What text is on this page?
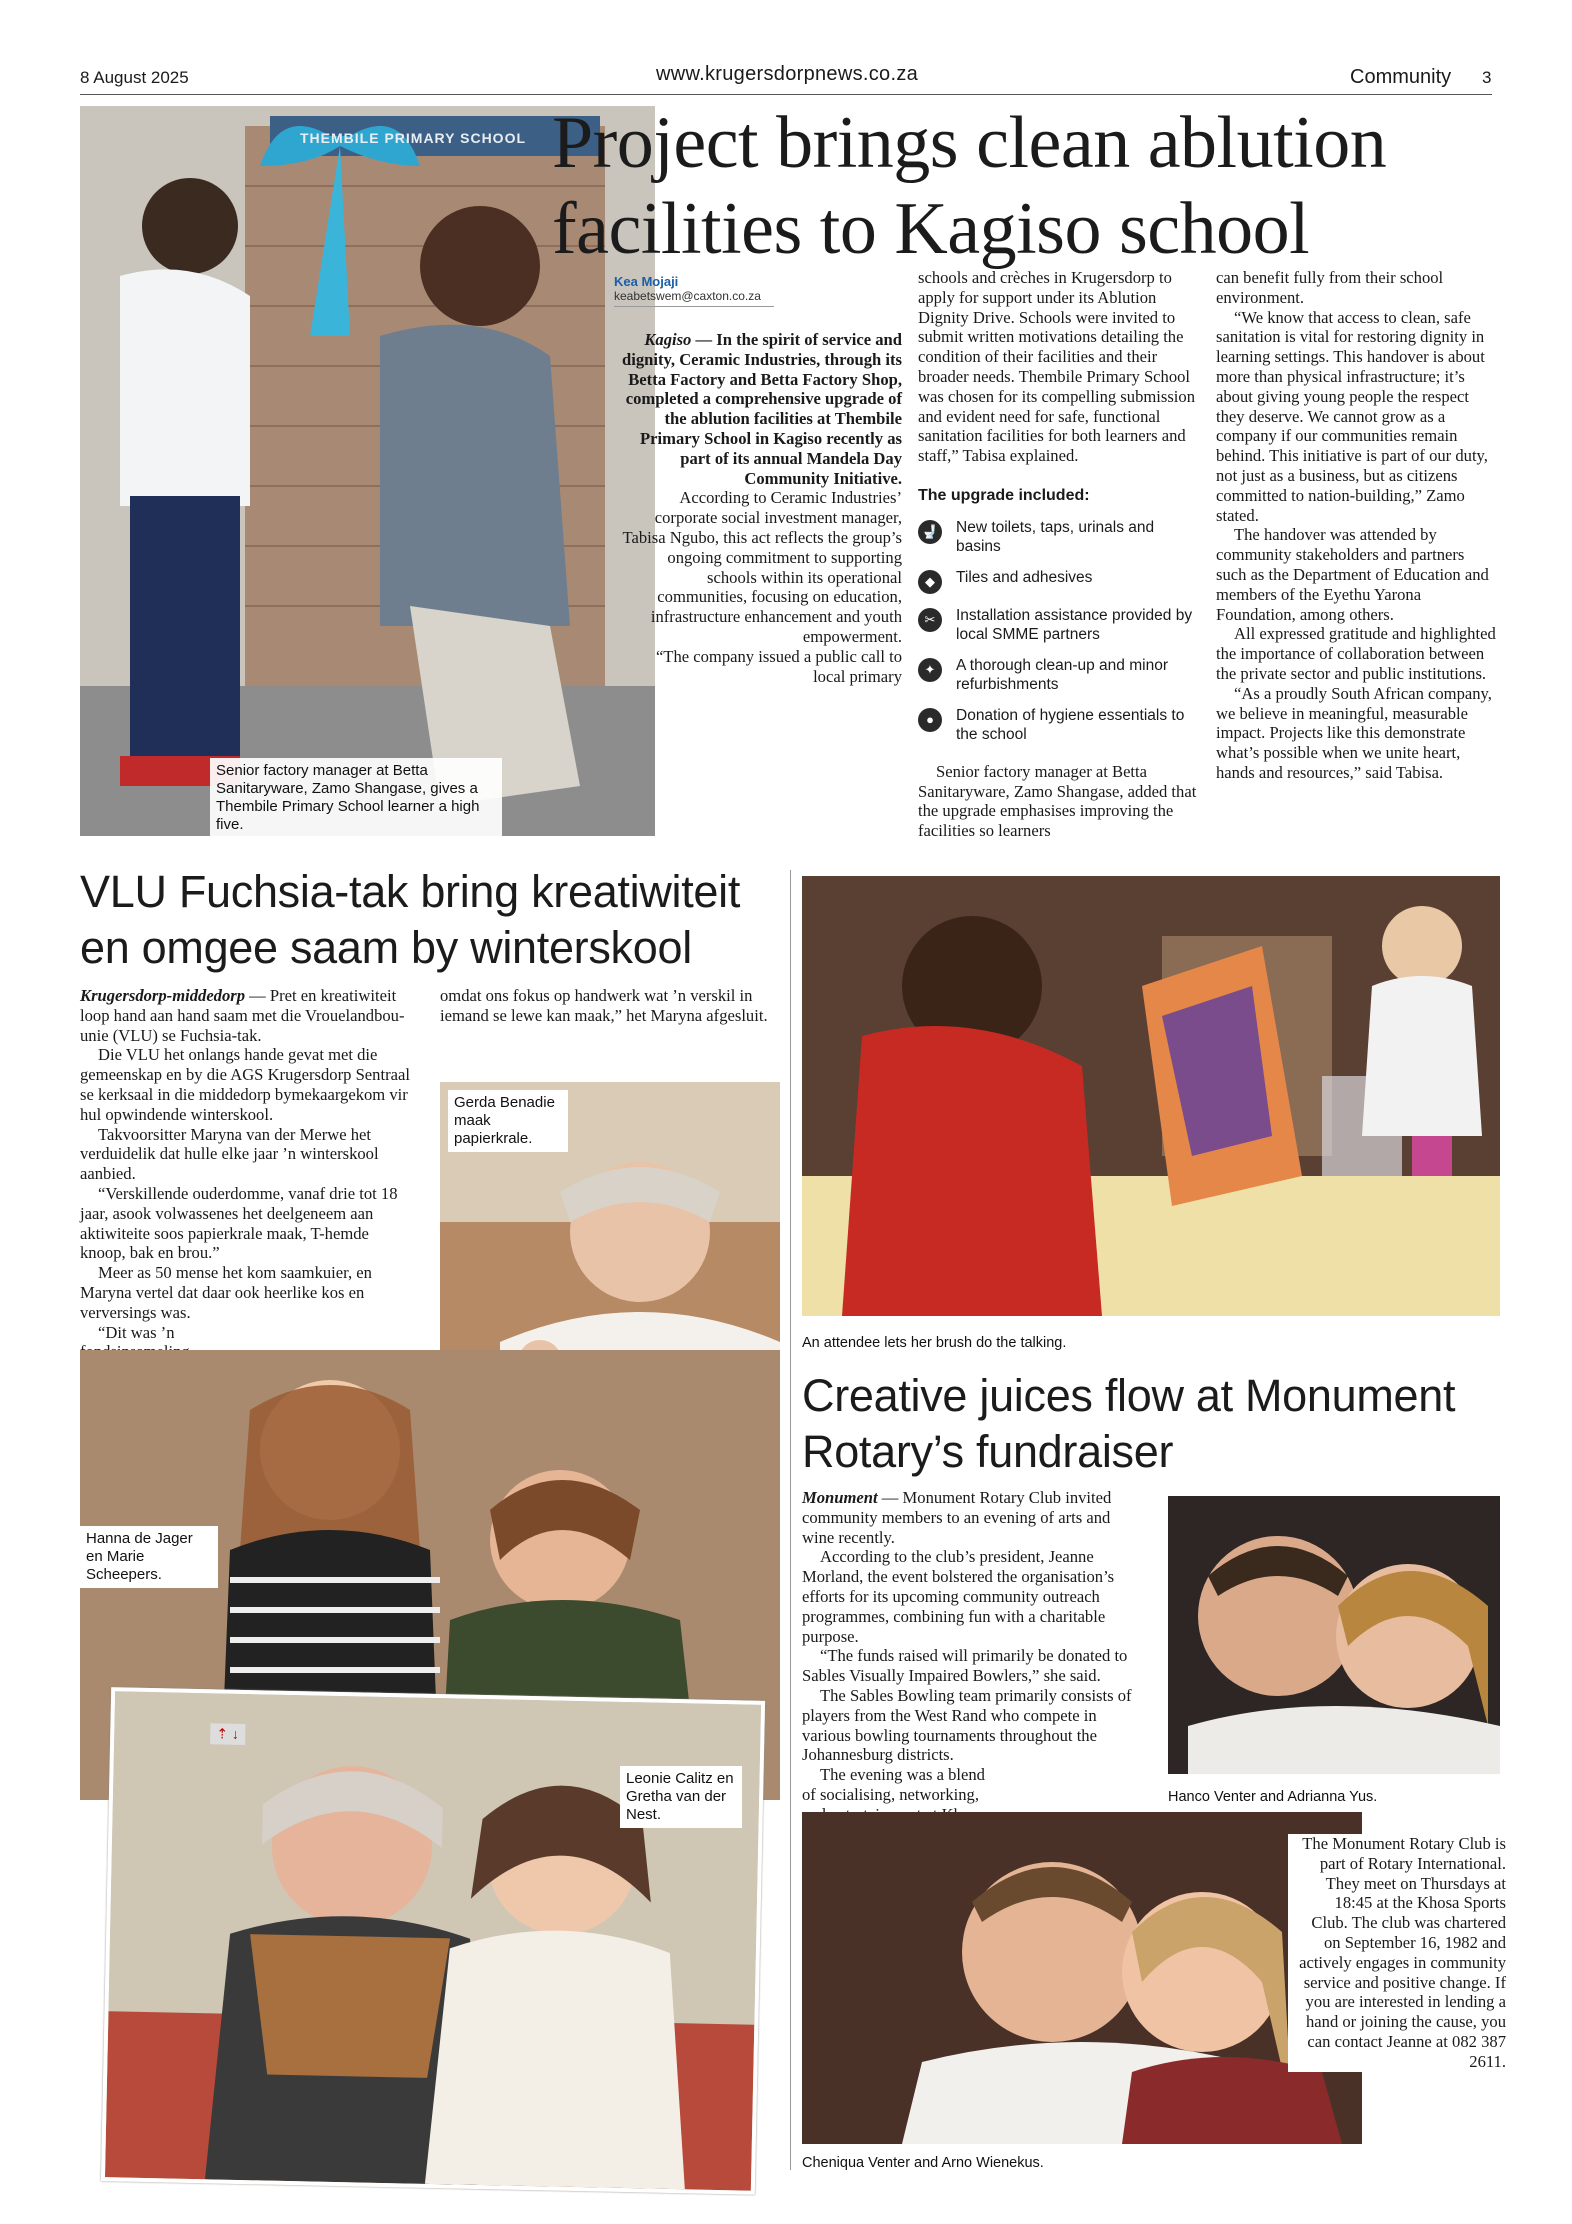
8 August 2025	www.krugersdorpnews.co.za	Community 3
THEMBILE PRIMARY SCHOOL
Senior factory manager at Betta Sanitaryware, Zamo Shangase, gives a Thembile Primary School learner a high five.
Project brings clean ablution
facilities to Kagiso school
Kea Mojaji
keabetswem@caxton.co.za

Kagiso — In the spirit of service and dignity, Ceramic Industries, through its Betta Factory and Betta Factory Shop, completed a comprehensive upgrade of the ablution facilities at Thembile Primary School in Kagiso recently as part of its annual Mandela Day Community Initiative.

According to Ceramic Industries’ corporate social investment manager, Tabisa Ngubo, this act reflects the group’s ongoing commitment to supporting schools within its operational communities, focusing on education, infrastructure enhancement and youth empowerment.

“The company issued a public call to local primary

schools and crèches in Krugersdorp to apply for support under its Ablution Dignity Drive. Schools were invited to submit written motivations detailing the condition of their facilities and their broader needs. Thembile Primary School was chosen for its compelling submission and evident need for safe, functional sanitation facilities for both learners and staff,” Tabisa explained.

The upgrade included:
🚽 New toilets, taps, urinals and basins
◆	Tiles and adhesives
✂	Installation assistance provided by local SMME partners
✦	A thorough clean-up and minor refurbishments
●	Donation of hygiene essentials to the school

Senior factory manager at Betta Sanitaryware, Zamo Shangase, added that the upgrade emphasises improving the facilities so learners

can benefit fully from their school environment.

“We know that access to clean, safe sanitation is vital for restoring dignity in learning settings. This handover is about more than physical infrastructure; it’s about giving young people the respect they deserve. We cannot grow as a company if our communities remain behind. This initiative is part of our duty, not just as a business, but as citizens committed to nation-building,” Zamo stated.

The handover was attended by community stakeholders and partners such as the Department of Education and members of the Eyethu Yarona Foundation, among others.

All expressed gratitude and highlighted the importance of collaboration between the private sector and public institutions.

“As a proudly South African company, we believe in meaningful, measurable impact. Projects like this demonstrate what’s possible when we unite heart, hands and resources,” said Tabisa.

VLU Fuchsia-tak bring kreatiwiteit
en omgee saam by winterskool

Krugersdorp-middedorp — Pret en kreatiwiteit loop hand aan hand saam met die Vrouelandbou-unie (VLU) se Fuchsia-tak.

Die VLU het onlangs hande gevat met die gemeenskap en by die AGS Krugersdorp Sentraal se kerksaal in die middedorp bymekaargekom vir hul opwindende winterskool.

Takvoorsitter Maryna van der Merwe het verduidelik dat hulle elke jaar ’n winterskool aanbied.

“Verskillende ouderdomme, vanaf drie tot 18 jaar, asook volwassenes het deelgeneem aan aktiwiteite soos papierkrale maak, T-hemde knoop, bak en brou.”

Meer as 50 mense het kom saamkuier, en Maryna vertel dat daar ook heerlike kos en verversings was.

“Dit was ’n

omdat ons fokus op handwerk wat ’n verskil in iemand se lewe kan maak,” het Maryna afgesluit.

Gerda Benadie maak papierkrale.
Hanna de Jager en Marie Scheepers.
⇡ ↓
Leonie Calitz en Gretha van der Nest.
An attendee lets her brush do the talking.
Creative juices flow at Monument
Rotary’s fundraiser

Monument — Monument Rotary Club invited community members to an evening of arts and wine recently.

According to the club’s president, Jeanne Morland, the event bolstered the organisation’s efforts for its upcoming community outreach programmes, combining fun with a charitable purpose.

“The funds raised will primarily be donated to Sables Visually Impaired Bowlers,” she said.

The Sables Bowling team primarily consists of players from the West Rand who compete in various bowling tournaments throughout the Johannesburg districts.

The evening was a blend of socialising, networking,	Hanco Venter and Adrianna Yus.

The Monument Rotary Club is part of Rotary International. They meet on Thursdays at 18:45 at the Khosa Sports Club. The club was chartered on September 16, 1982 and actively engages in community service and positive change. If you are interested in lending a hand or joining the cause, you can contact Jeanne at 082 387 2611.

Cheniqua Venter and Arno Wienekus.
